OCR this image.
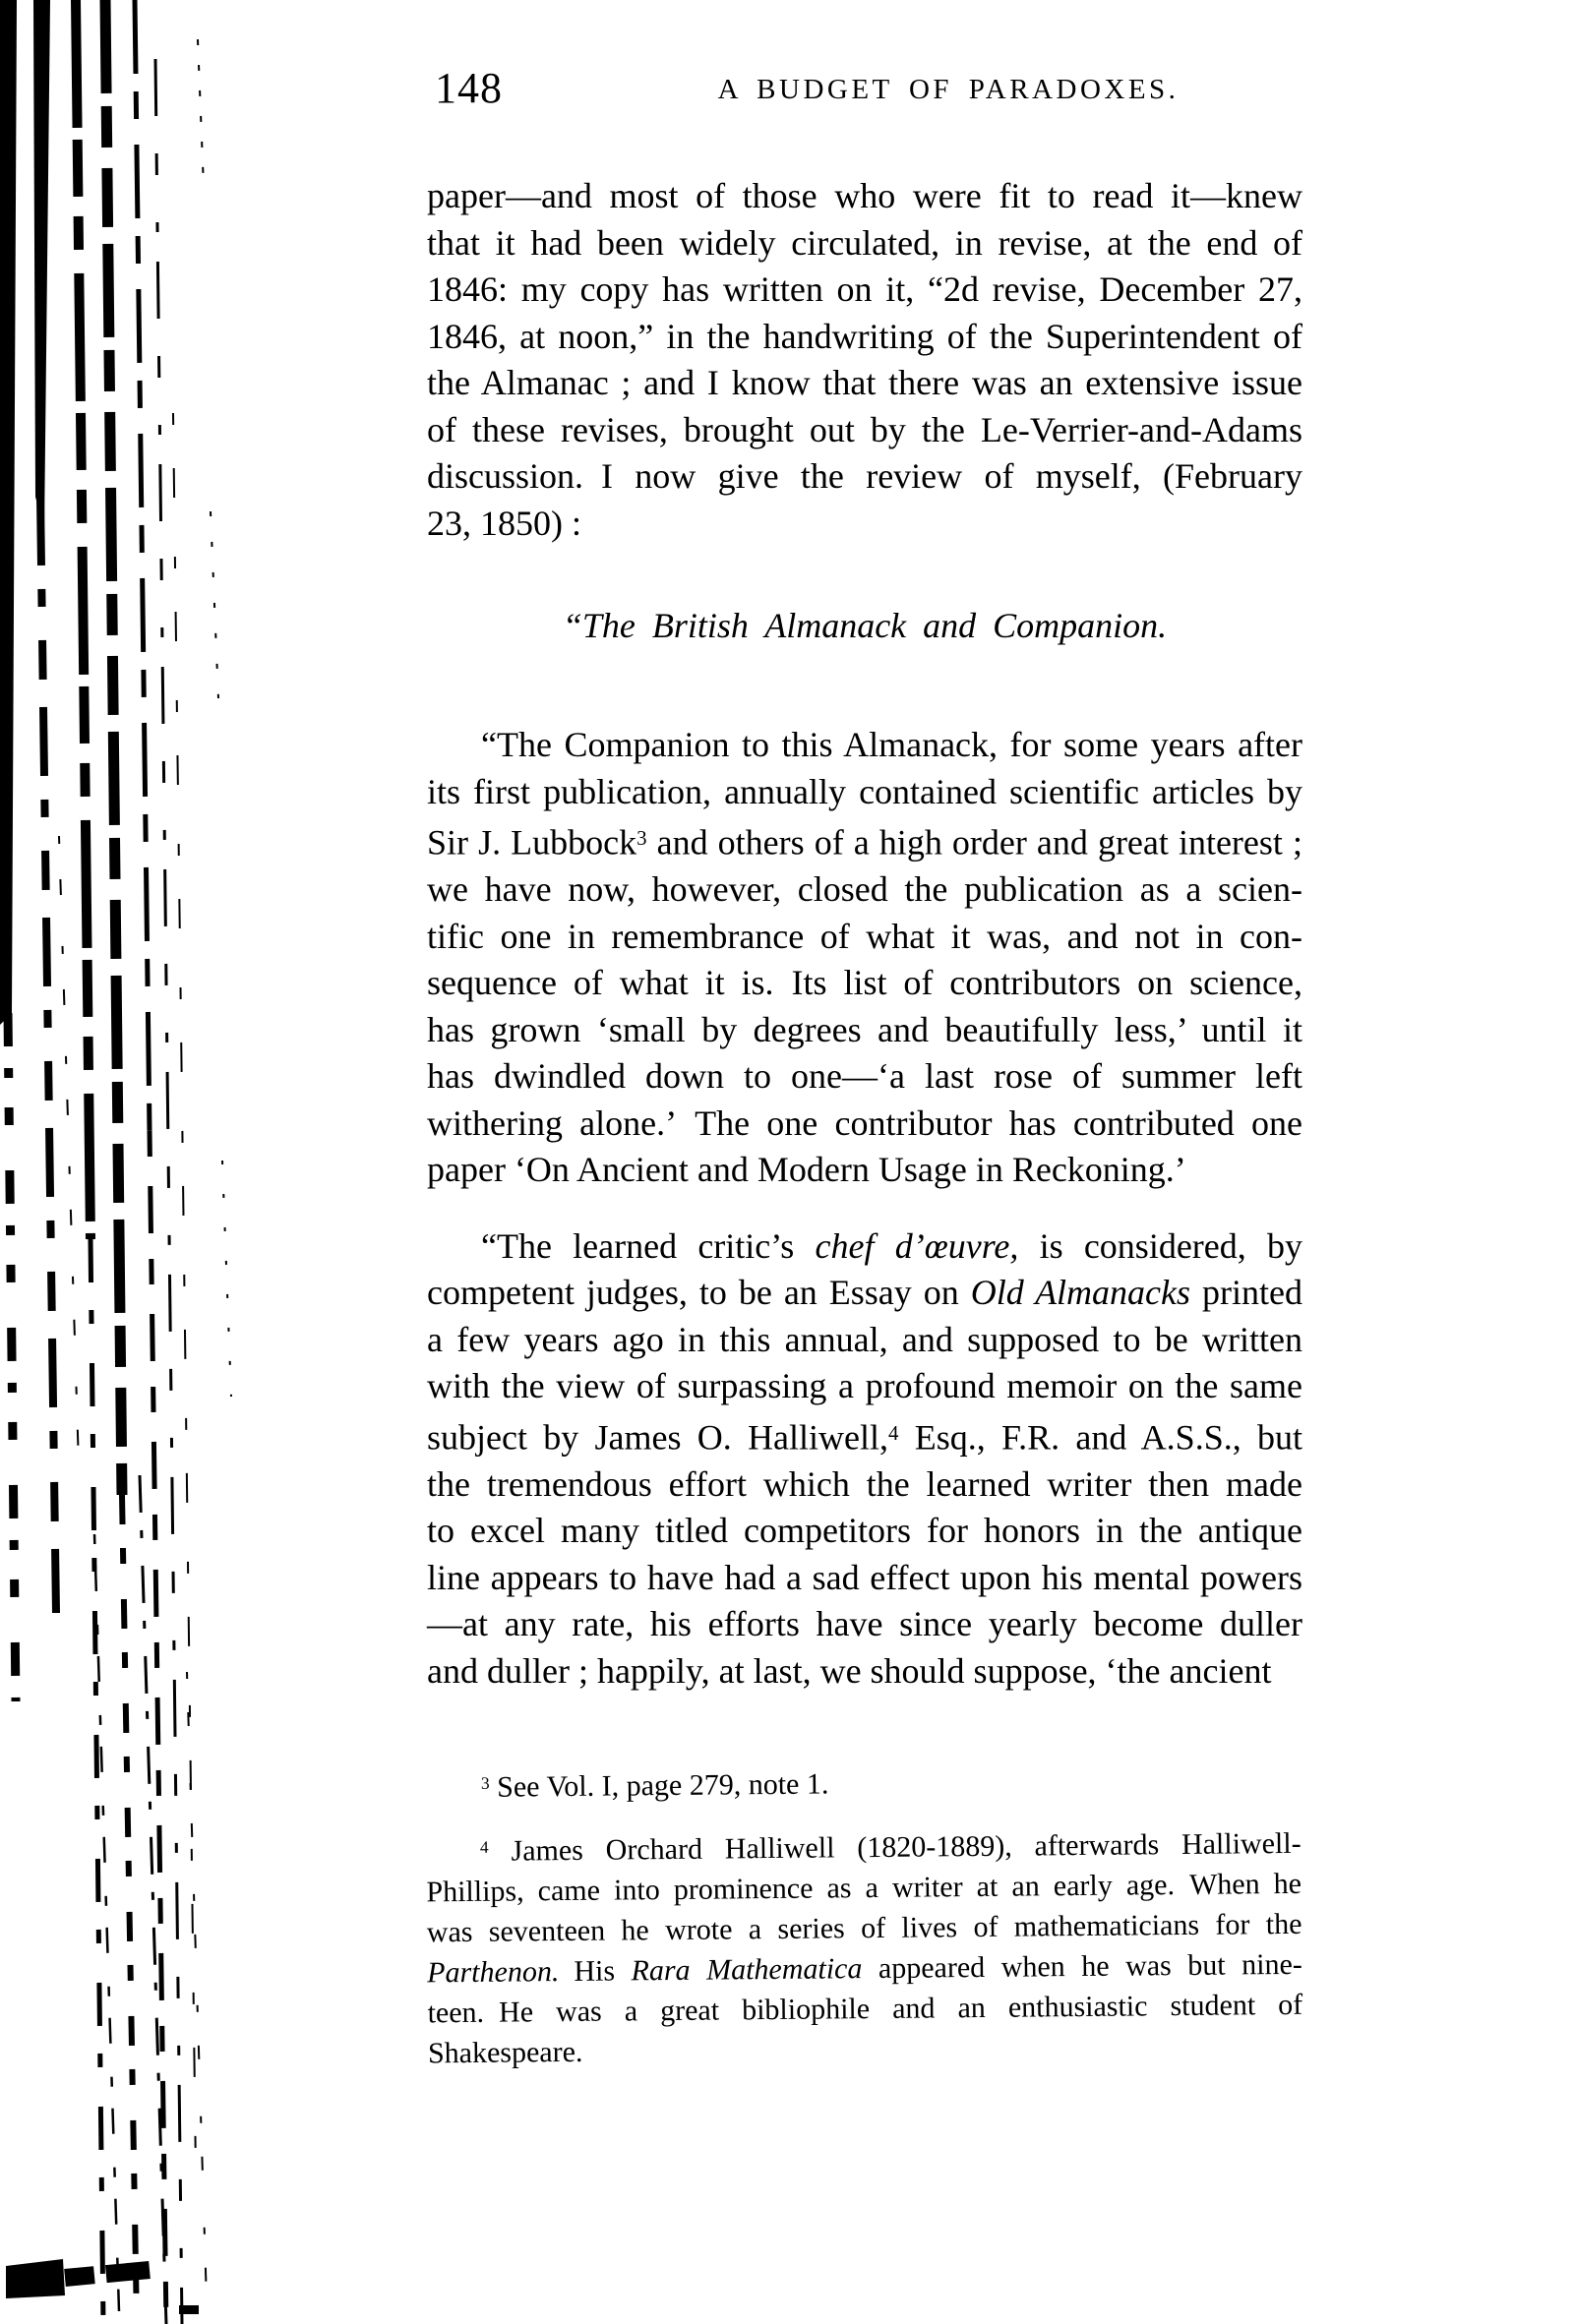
148	A BUDGET OF PARADOXES.
paper—and most of those who were fit to read it—knew
that it had been widely circulated, in revise, at the end of
1846: my copy has written on it, “2d revise, December 27,
1846, at noon,” in the handwriting of the Superintendent of
the Almanac ; and I know that there was an extensive issue
of these revises, brought out by the Le-Verrier-and-Adams
discussion. I now give the review of myself, (February
23, 1850) :
“The British Almanack and Companion.
“The Companion to this Almanack, for some years after
its first publication, annually contained scientific articles by
Sir J. Lubbock$^3$ and others of a high order and great interest ;
we have now, however, closed the publication as a scien-
tific one in remembrance of what it was, and not in con-
sequence of what it is. Its list of contributors on science,
has grown ‘small by degrees and beautifully less,’ until it
has dwindled down to one—‘a last rose of summer left
withering alone.’ The one contributor has contributed one
paper ‘On Ancient and Modern Usage in Reckoning.’
“The learned critic’s chef d’œuvre, is considered, by
competent judges, to be an Essay on Old Almanacks printed
a few years ago in this annual, and supposed to be written
with the view of surpassing a profound memoir on the same
subject by James O. Halliwell,$^4$ Esq., F.R. and A.S.S., but
the tremendous effort which the learned writer then made
to excel many titled competitors for honors in the antique
line appears to have had a sad effect upon his mental powers
—at any rate, his efforts have since yearly become duller
and duller ; happily, at last, we should suppose, ‘the ancient
$^3$ See Vol. I, page 279, note 1.
$^4$ James Orchard Halliwell (1820-1889), afterwards Halliwell-
Phillips, came into prominence as a writer at an early age. When he
was seventeen he wrote a series of lives of mathematicians for the
Parthenon. His Rara Mathematica appeared when he was but nine-
teen. He was a great bibliophile and an enthusiastic student of
Shakespeare.
